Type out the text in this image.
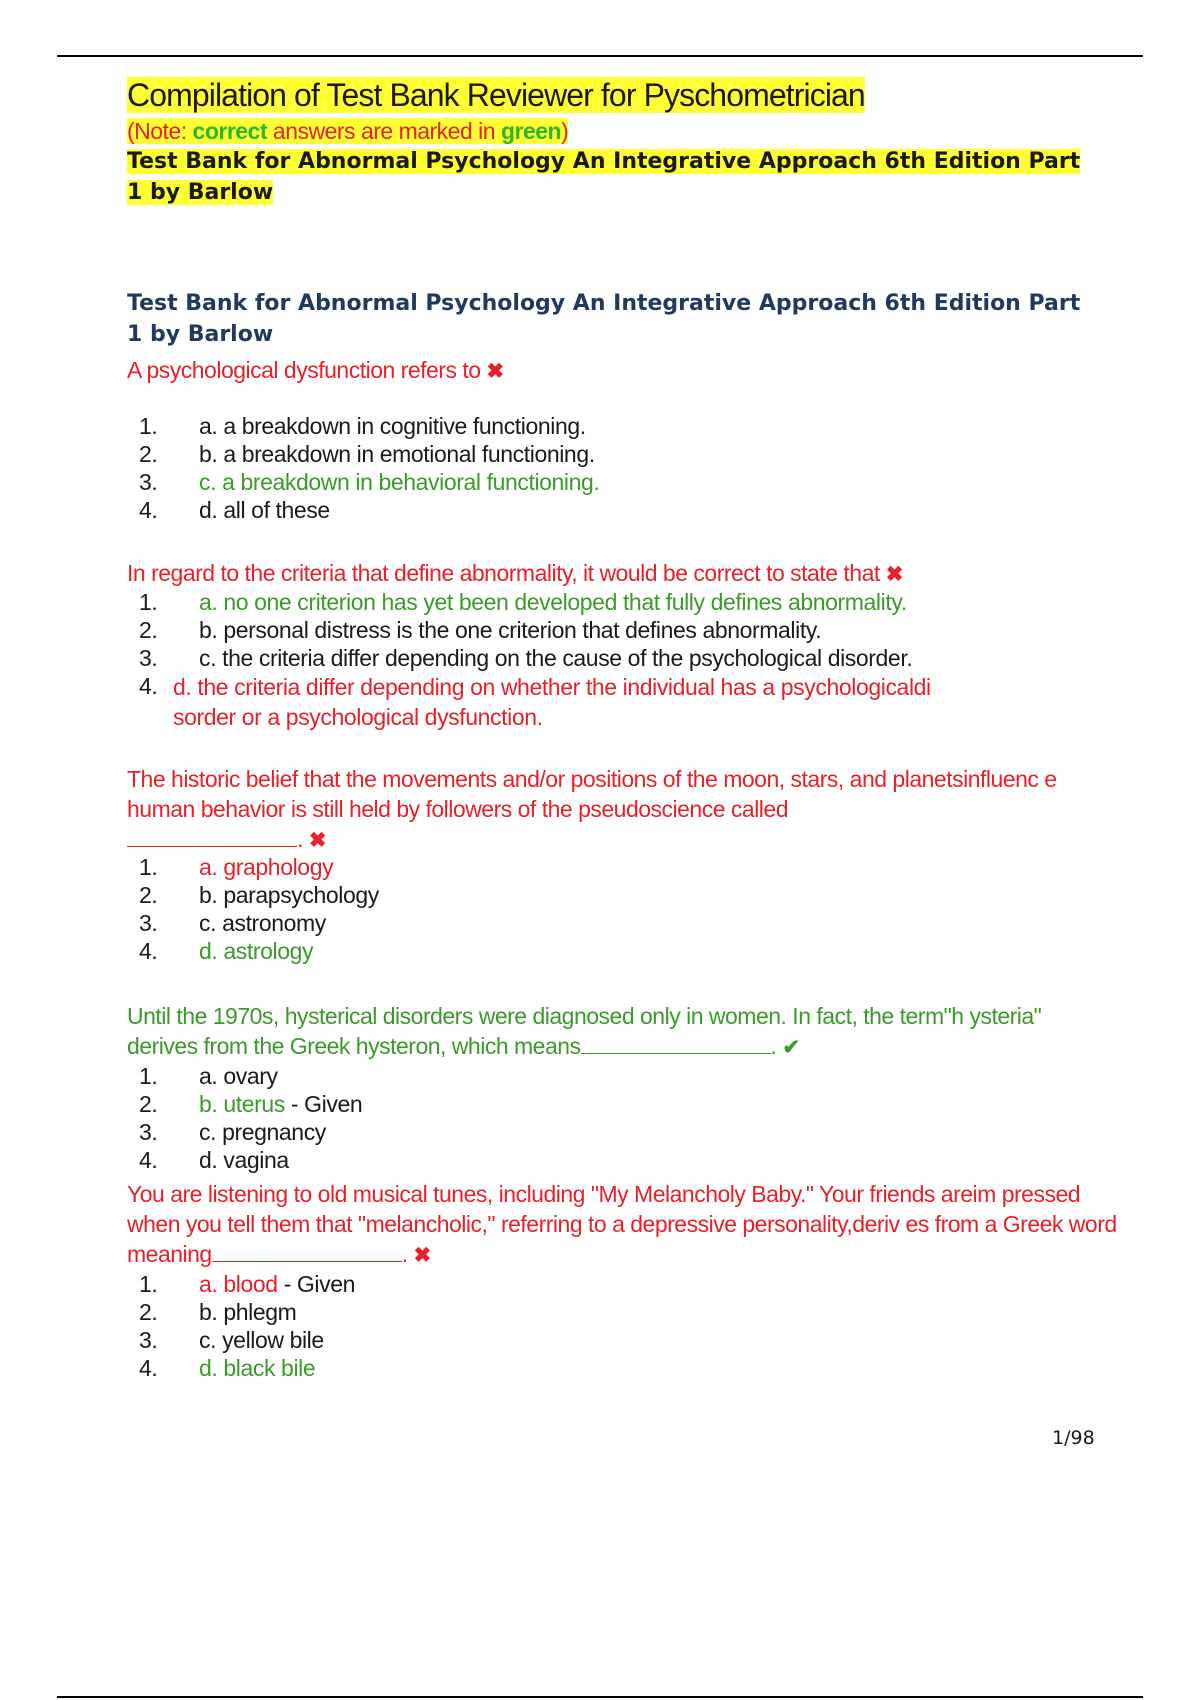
Compilation of Test Bank Reviewer for Pyschometrician
(Note: correct answers are marked in green)
Test Bank for Abnormal Psychology An Integrative Approach 6th Edition Part 1 by Barlow
Test Bank for Abnormal Psychology An Integrative Approach 6th Edition Part 1 by Barlow
A psychological dysfunction refers to ✖
1.	a. a breakdown in cognitive functioning.
2.	b. a breakdown in emotional functioning.
3.	c. a breakdown in behavioral functioning.
4.	d. all of these
In regard to the criteria that define abnormality, it would be correct to state that ✖
1.	a. no one criterion has yet been developed that fully defines abnormality.
2.	b. personal distress is the one criterion that defines abnormality.
3.	c. the criteria differ depending on the cause of the psychological disorder.
4. d. the criteria differ depending on whether the individual has a psychologicaldi sorder or a psychological dysfunction.
The historic belief that the movements and/or positions of the moon, stars, and planetsinfluenc e human behavior is still held by followers of the pseudoscience called
. ✖
1.	a. graphology
2.	b. parapsychology
3.	c. astronomy
4.	d. astrology
Until the 1970s, hysterical disorders were diagnosed only in women. In fact, the term"h ysteria" derives from the Greek hysteron, which means	. ✔
1.	a. ovary
2.	b. uterus - Given
3.	c. pregnancy
4.	d. vagina
You are listening to old musical tunes, including "My Melancholy Baby." Your friends areim pressed when you tell them that "melancholic," referring to a depressive personality,deriv es from a Greek word meaning	. ✖
1.	a. blood - Given
2.	b. phlegm
3.	c. yellow bile
4.	d. black bile
1/98
